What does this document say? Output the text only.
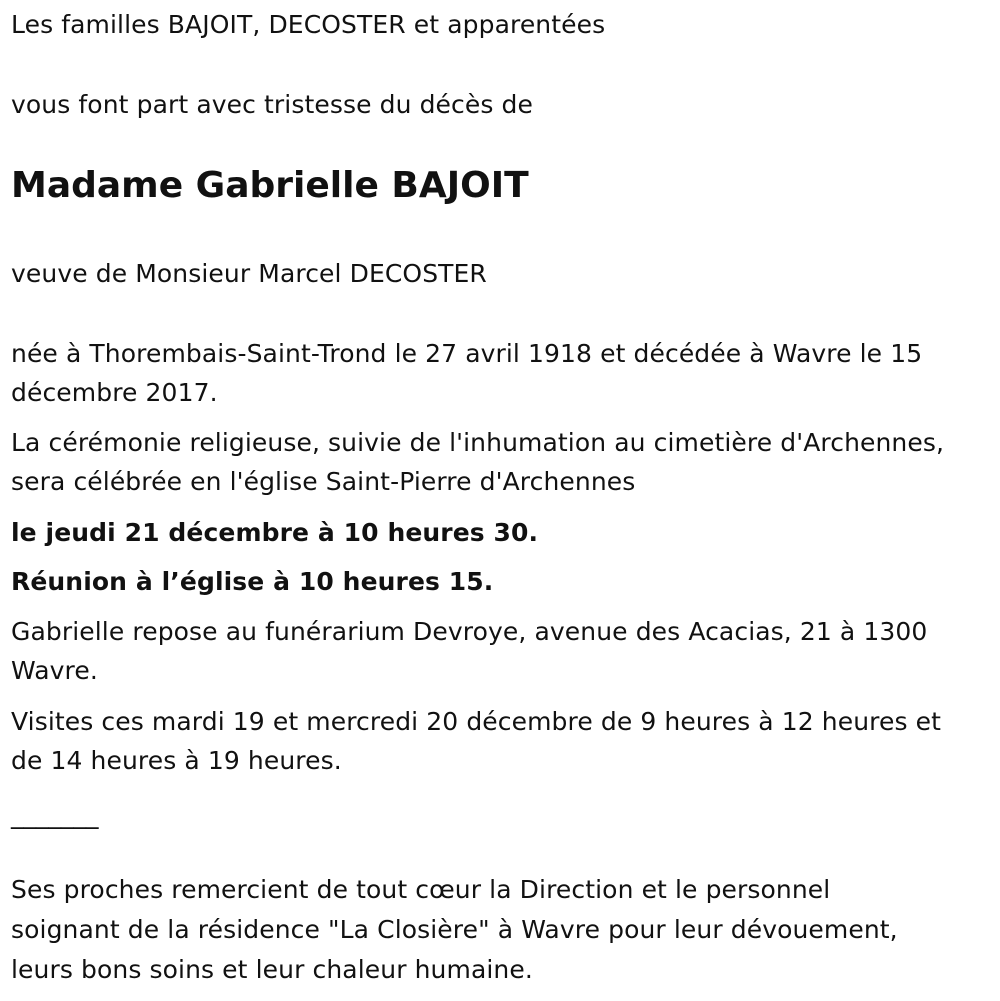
Les familles BAJOIT, DECOSTER et apparentées
vous font part avec tristesse du décès de
Madame Gabrielle BAJOIT
veuve de Monsieur Marcel DECOSTER
née à Thorembais-Saint-Trond le 27 avril 1918 et décédée à Wavre le 15
décembre 2017.
La cérémonie religieuse, suivie de l'inhumation au cimetière d'Archennes,
sera célébrée en l'église Saint-Pierre d'Archennes
le jeudi 21 décembre à 10 heures 30.
Réunion à l’église à 10 heures 15.
Gabrielle repose au funérarium Devroye, avenue des Acacias, 21 à 1300
Wavre.
Visites ces mardi 19 et mercredi 20 décembre de 9 heures à 12 heures et
de 14 heures à 19 heures.
_______
Ses proches remercient de tout cœur la Direction et le personnel
soignant de la résidence "La Closière" à Wavre pour leur dévouement,
leurs bons soins et leur chaleur humaine.
